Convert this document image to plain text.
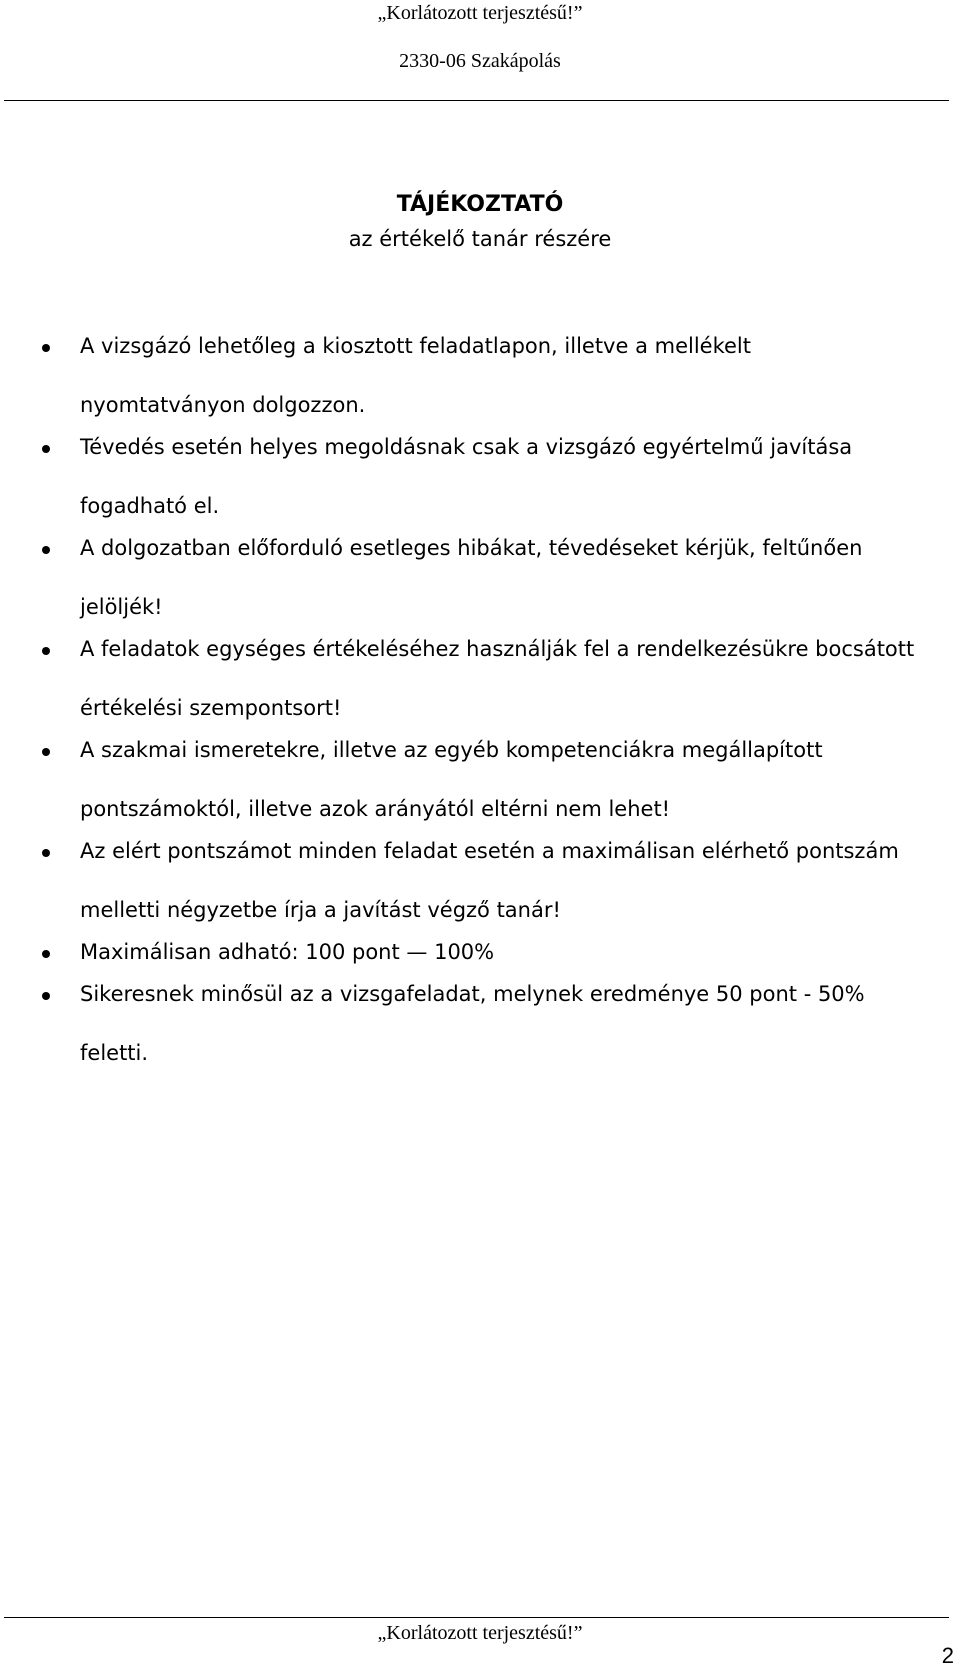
„Korlátozott terjesztésű!”
2330-06 Szakápolás
TÁJÉKOZTATÓ
az értékelő tanár részére
A vizsgázó lehetőleg a kiosztott feladatlapon, illetve a mellékelt nyomtatványon dolgozzon.
Tévedés esetén helyes megoldásnak csak a vizsgázó egyértelmű javítása fogadható el.
A dolgozatban előforduló esetleges hibákat, tévedéseket kérjük, feltűnően jelöljék!
A feladatok egységes értékeléséhez használják fel a rendelkezésükre bocsátott értékelési szempontsort!
A szakmai ismeretekre, illetve az egyéb kompetenciákra megállapított pontszámoktól, illetve azok arányától eltérni nem lehet!
Az elért pontszámot minden feladat esetén a maximálisan elérhető pontszám melletti négyzetbe írja a javítást végző tanár!
Maximálisan adható: 100 pont — 100%
Sikeresnek minősül az a vizsgafeladat, melynek eredménye 50 pont - 50% feletti.
„Korlátozott terjesztésű!”
2
